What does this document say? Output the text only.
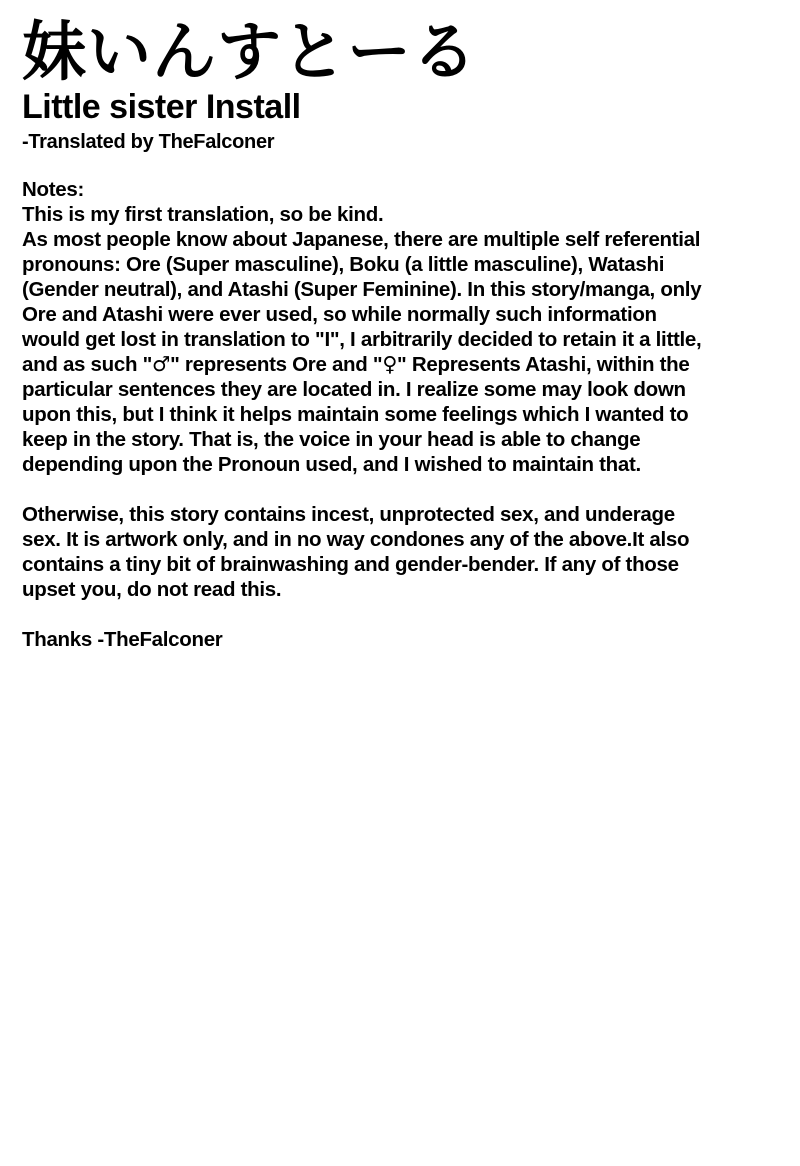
妹いんすとーる
Little sister Install
-Translated by TheFalconer
Notes:
This is my first translation, so be kind.
As most people know about Japanese, there are multiple self referential
pronouns: Ore (Super masculine), Boku (a little masculine), Watashi
(Gender neutral), and Atashi (Super Feminine). In this story/manga, only
Ore and Atashi were ever used, so while normally such information
would get lost in translation to "I", I arbitrarily decided to retain it a little,
and as such "♂" represents Ore and "♀" Represents Atashi, within the
particular sentences they are located in. I realize some may look down
upon this, but I think it helps maintain some feelings which I wanted to
keep in the story. That is, the voice in your head is able to change
depending upon the Pronoun used, and I wished to maintain that.
Otherwise, this story contains incest, unprotected sex, and underage
sex. It is artwork only, and in no way condones any of the above.It also
contains a tiny bit of brainwashing and gender-bender. If any of those
upset you, do not read this.
Thanks -TheFalconer
